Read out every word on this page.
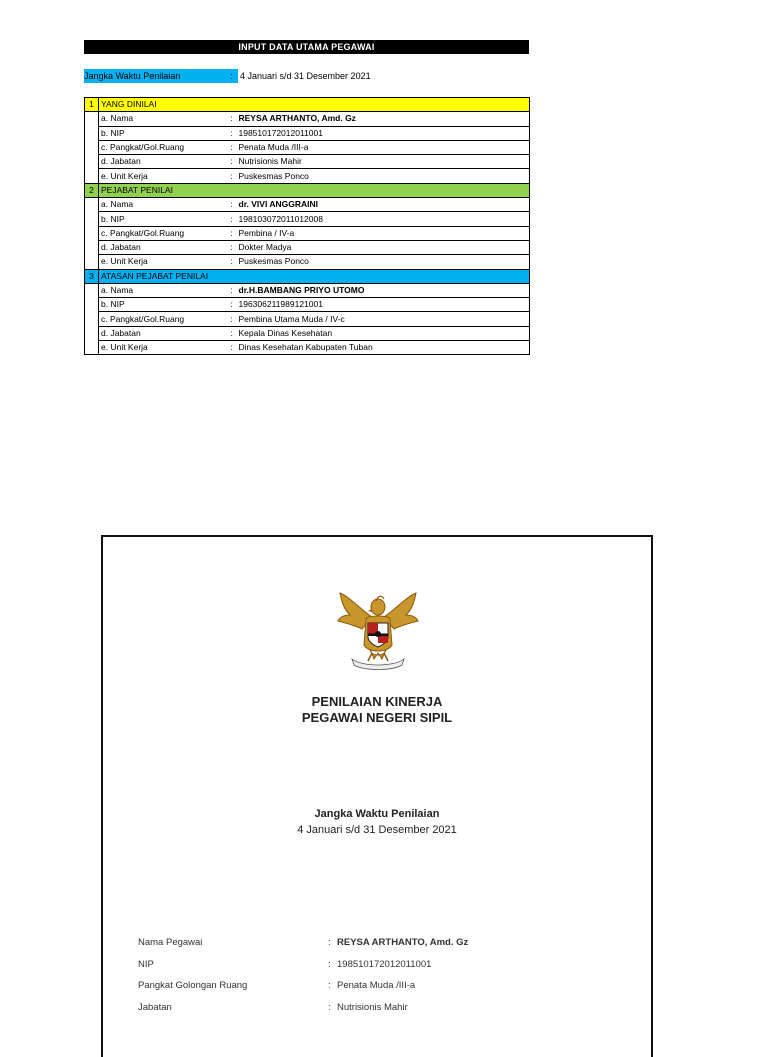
INPUT DATA UTAMA PEGAWAI
Jangka Waktu Penilaian	: 4 Januari s/d 31 Desember 2021
1	YANG DINILAI		
	a. Nama	:	REYSA ARTHANTO, Amd. Gz
	b. NIP	:	198510172012011001
	c. Pangkat/Gol.Ruang	:	Penata Muda /III-a
	d. Jabatan	:	Nutrisionis Mahir
	e. Unit Kerja	:	Puskesmas Ponco
2	PEJABAT PENILAI		
	a. Nama	:	dr. VIVI ANGGRAINI
	b. NIP	:	198103072011012008
	c. Pangkat/Gol.Ruang	:	Pembina / IV-a
	d. Jabatan	:	Dokter Madya
	e. Unit Kerja	:	Puskesmas Ponco
3	ATASAN PEJABAT PENILAI		
	a. Nama	:	dr.H.BAMBANG PRIYO UTOMO
	b. NIP	:	196306211989121001
	c. Pangkat/Gol.Ruang	:	Pembina Utama Muda / IV-c
	d. Jabatan	:	Kepala Dinas Kesehatan
	e. Unit Kerja	:	Dinas Kesehatan Kabupaten Tuban
PENILAIAN KINERJA
PEGAWAI NEGERI SIPIL
Jangka Waktu Penilaian
4 Januari s/d 31 Desember 2021
Nama Pegawai	: REYSA ARTHANTO, Amd. Gz
NIP	: 198510172012011001
Pangkat Golongan Ruang	: Penata Muda /III-a
Jabatan	: Nutrisionis Mahir
